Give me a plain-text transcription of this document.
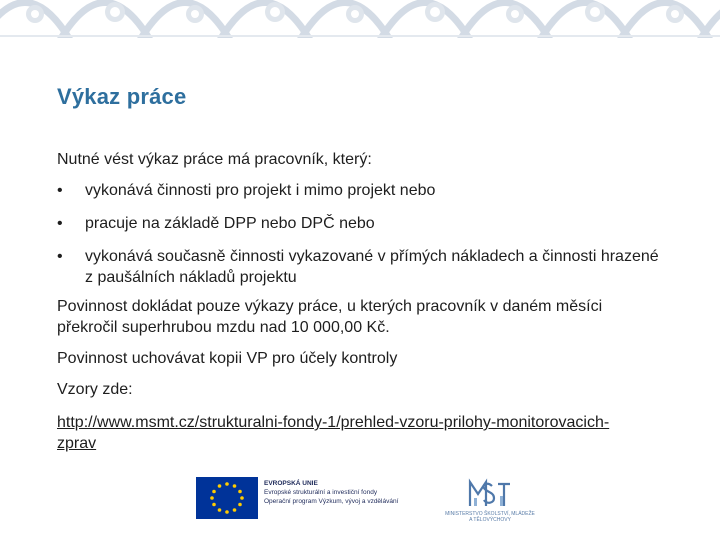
Výkaz práce
Nutné vést výkaz práce má pracovník, který:
• vykonává činnosti pro projekt i mimo projekt nebo
• pracuje na základě DPP nebo DPČ nebo
• vykonává současně činnosti vykazované v přímých nákladech a činnosti hrazené z paušálních nákladů projektu
Povinnost dokládat pouze výkazy práce, u kterých pracovník v daném měsíci překročil superhrubou mzdu nad 10 000,00 Kč.
Povinnost uchovávat kopii VP pro účely kontroly
Vzory zde:
http://www.msmt.cz/strukturalni-fondy-1/prehled-vzoru-prilohy-monitorovacich-zprav
EVROPSKÁ UNIE
Evropské strukturální a investiční fondy
Operační program Výzkum, vývoj a vzdělávání
MINISTERSTVO ŠKOLSTVÍ, MLÁDEŽE A TĚLOVÝCHOVY
